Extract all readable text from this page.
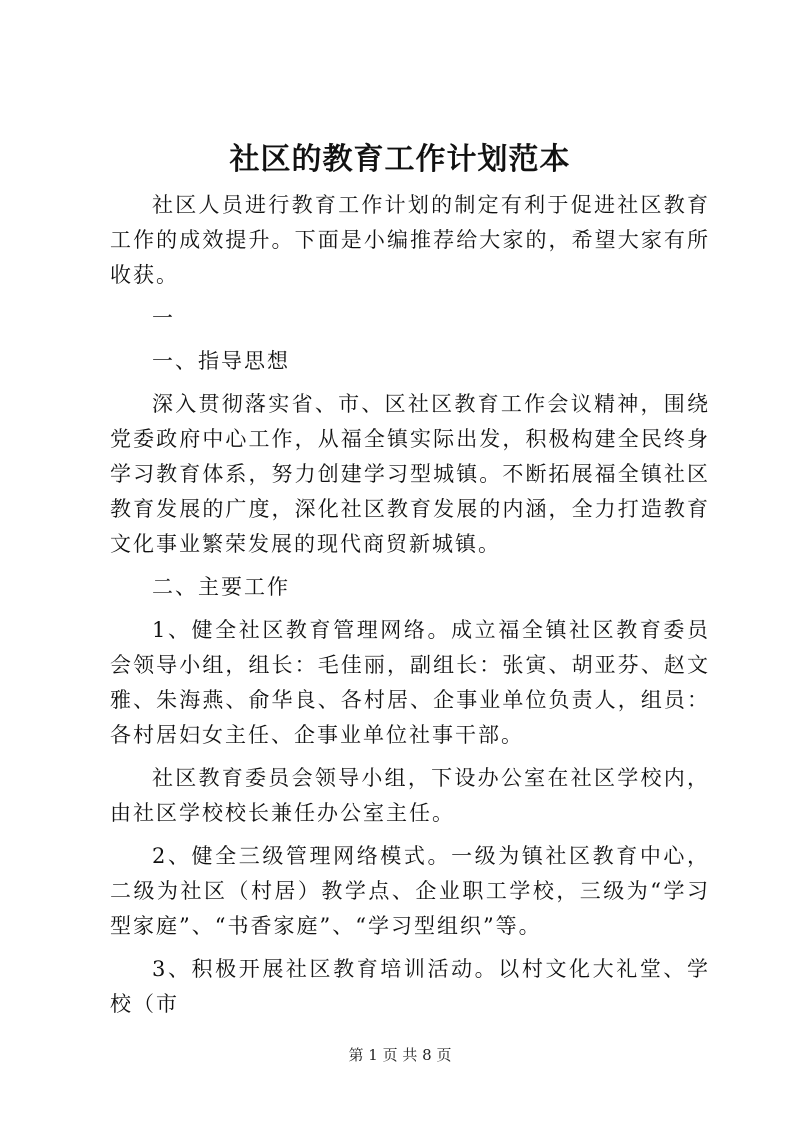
社区的教育工作计划范本

社区人员进行教育工作计划的制定有利于促进社区教育工作的成效提升。下面是小编推荐给大家的，希望大家有所收获。

一

一、指导思想

深入贯彻落实省、市、区社区教育工作会议精神，围绕党委政府中心工作，从福全镇实际出发，积极构建全民终身学习教育体系，努力创建学习型城镇。不断拓展福全镇社区教育发展的广度，深化社区教育发展的内涵，全力打造教育文化事业繁荣发展的现代商贸新城镇。

二、主要工作

1、健全社区教育管理网络。成立福全镇社区教育委员会领导小组，组长：毛佳丽，副组长：张寅、胡亚芬、赵文雅、朱海燕、俞华良、各村居、企事业单位负责人，组员：各村居妇女主任、企事业单位社事干部。

社区教育委员会领导小组，下设办公室在社区学校内，由社区学校校长兼任办公室主任。

2、健全三级管理网络模式。一级为镇社区教育中心，二级为社区（村居）教学点、企业职工学校，三级为“学习型家庭”、“书香家庭”、“学习型组织”等。

3、积极开展社区教育培训活动。以村文化大礼堂、学校（市

第 1 页 共 8 页
